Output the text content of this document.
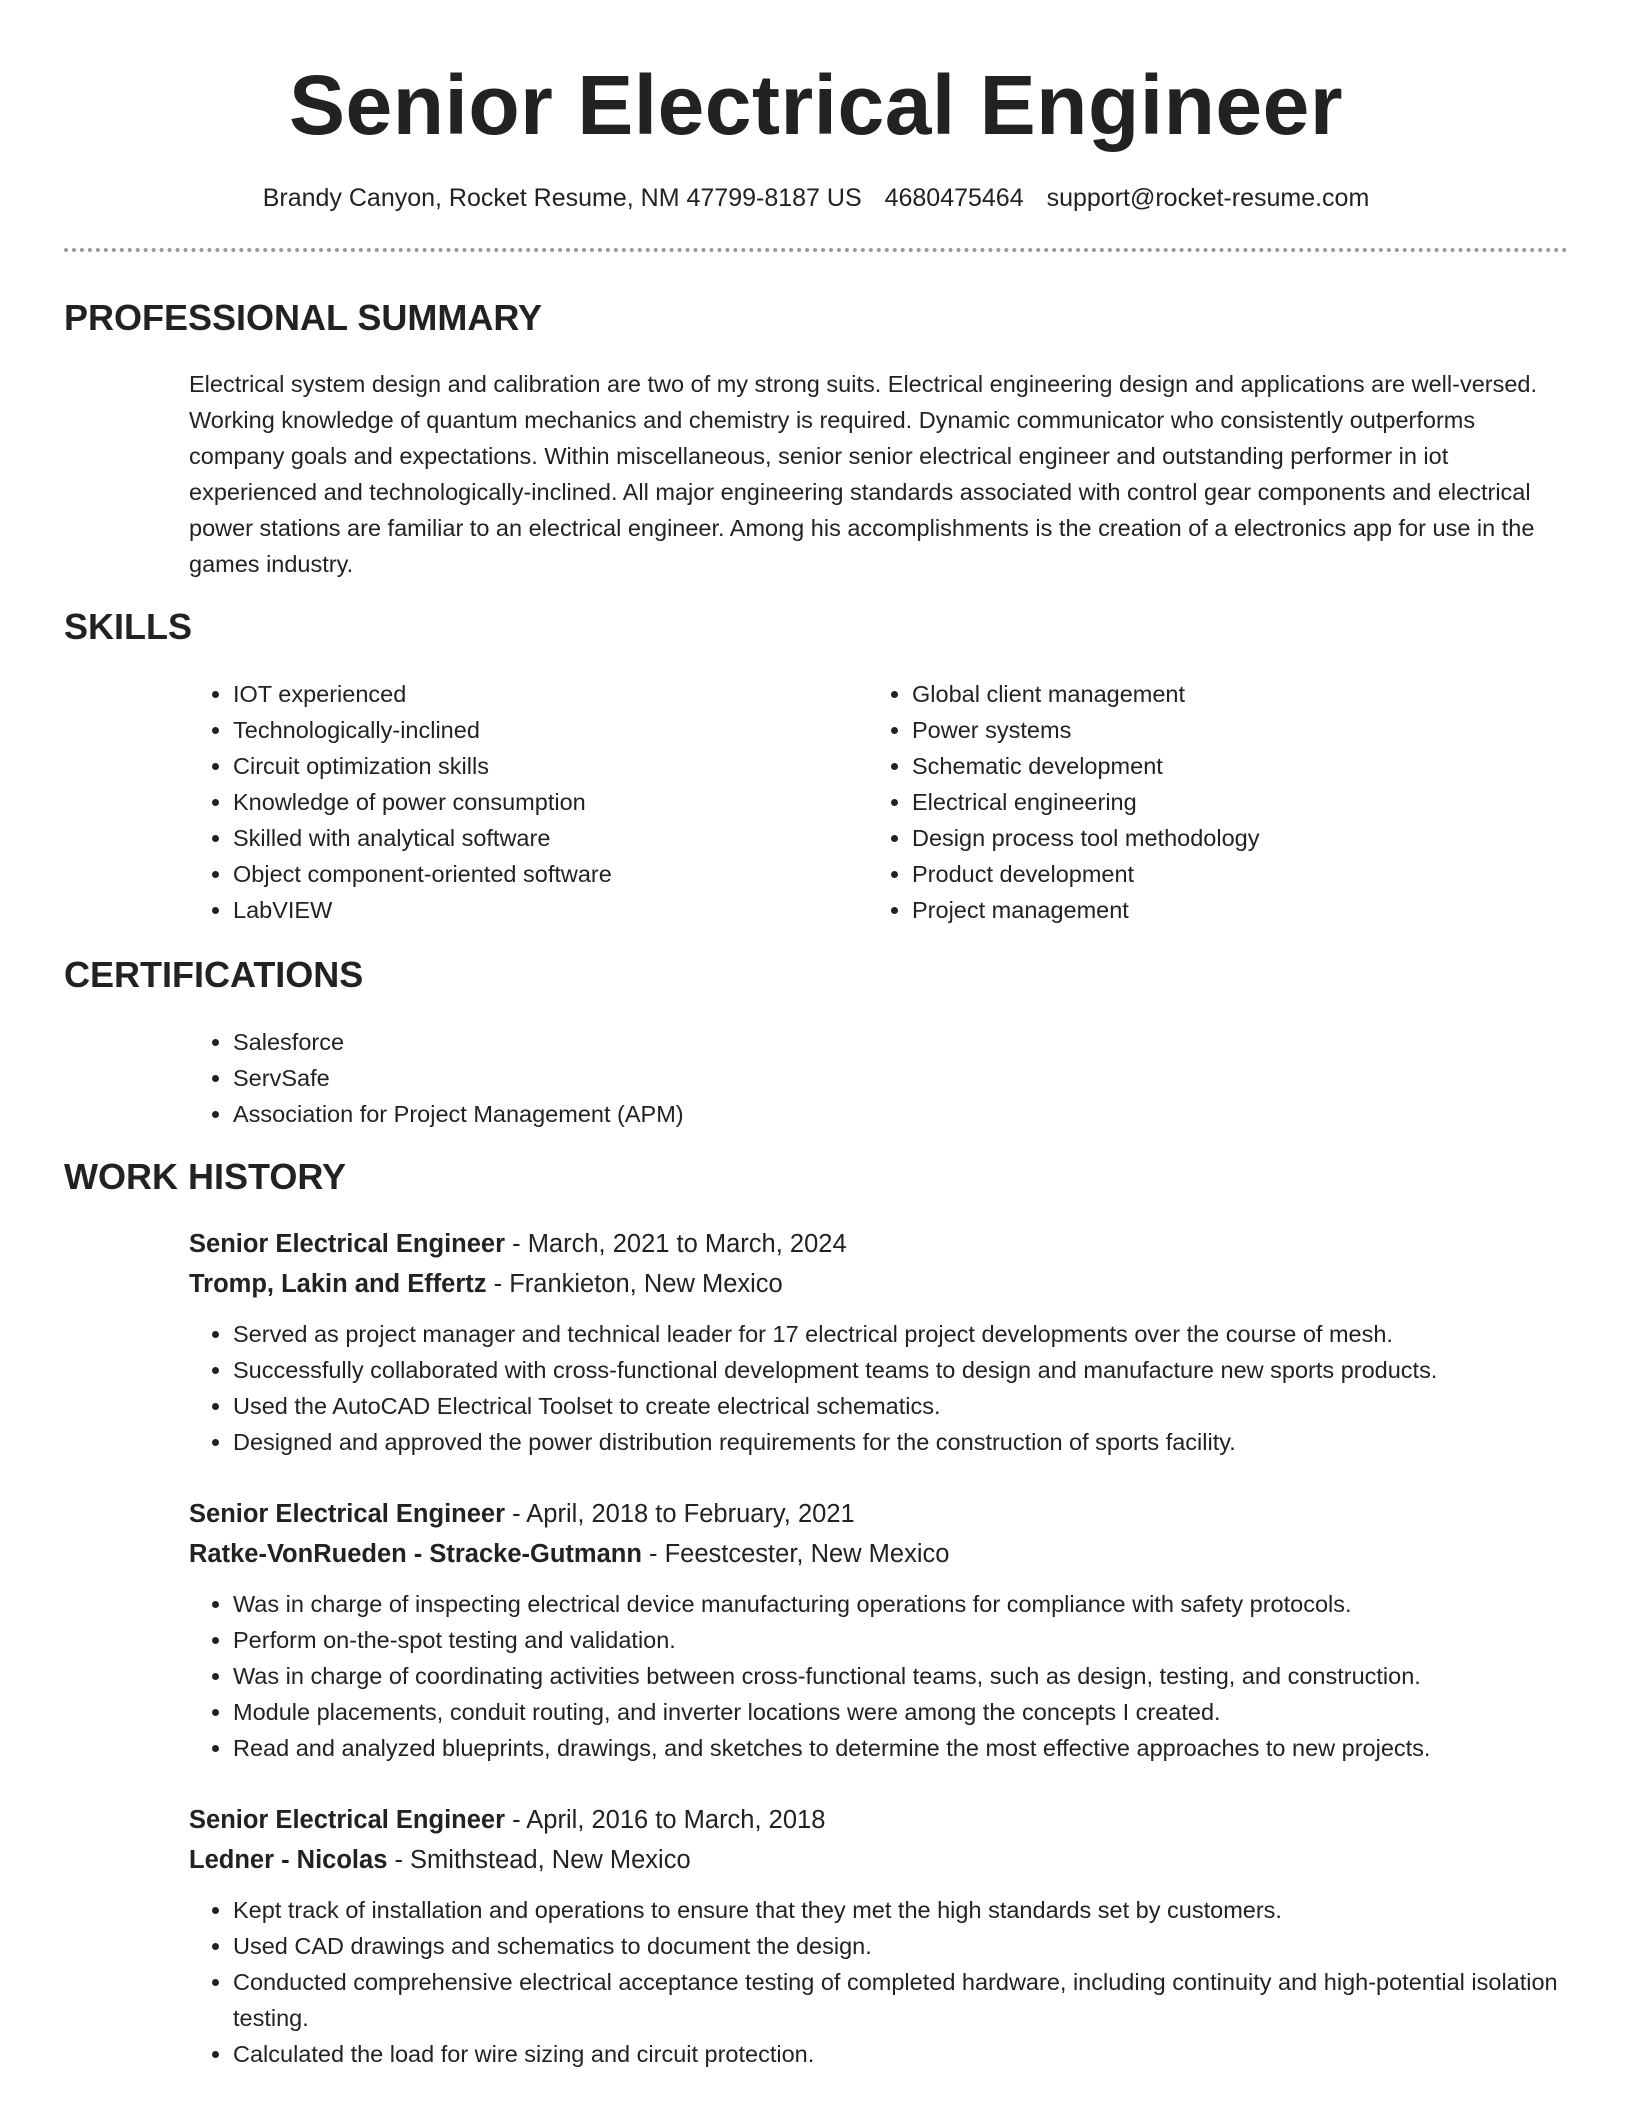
Senior Electrical Engineer
Brandy Canyon, Rocket Resume, NM 47799-8187 US 4680475464 support@rocket-resume.com
PROFESSIONAL SUMMARY

Electrical system design and calibration are two of my strong suits. Electrical engineering design and applications are well-versed. Working knowledge of quantum mechanics and chemistry is required. Dynamic communicator who consistently outperforms company goals and expectations. Within miscellaneous, senior senior electrical engineer and outstanding performer in iot experienced and technologically-inclined. All major engineering standards associated with control gear components and electrical power stations are familiar to an electrical engineer. Among his accomplishments is the creation of a electronics app for use in the games industry.

SKILLS
• IOT experienced
• Technologically-inclined
• Circuit optimization skills
• Knowledge of power consumption
• Skilled with analytical software
• Object component-oriented software
• LabVIEW
• Global client management
• Power systems
• Schematic development
• Electrical engineering
• Design process tool methodology
• Product development
• Project management
CERTIFICATIONS
• Salesforce
• ServSafe
• Association for Project Management (APM)
WORK HISTORY
Senior Electrical Engineer - March, 2021 to March, 2024
Tromp, Lakin and Effertz - Frankieton, New Mexico
• Served as project manager and technical leader for 17 electrical project developments over the course of mesh.
• Successfully collaborated with cross-functional development teams to design and manufacture new sports products.
• Used the AutoCAD Electrical Toolset to create electrical schematics.
• Designed and approved the power distribution requirements for the construction of sports facility.
Senior Electrical Engineer - April, 2018 to February, 2021
Ratke-VonRueden - Stracke-Gutmann - Feestcester, New Mexico
• Was in charge of inspecting electrical device manufacturing operations for compliance with safety protocols.
• Perform on-the-spot testing and validation.
• Was in charge of coordinating activities between cross-functional teams, such as design, testing, and construction.
• Module placements, conduit routing, and inverter locations were among the concepts I created.
• Read and analyzed blueprints, drawings, and sketches to determine the most effective approaches to new projects.
Senior Electrical Engineer - April, 2016 to March, 2018
Ledner - Nicolas - Smithstead, New Mexico
• Kept track of installation and operations to ensure that they met the high standards set by customers.
• Used CAD drawings and schematics to document the design.
• Conducted comprehensive electrical acceptance testing of completed hardware, including continuity and high-potential isolation testing.
• Calculated the load for wire sizing and circuit protection.
